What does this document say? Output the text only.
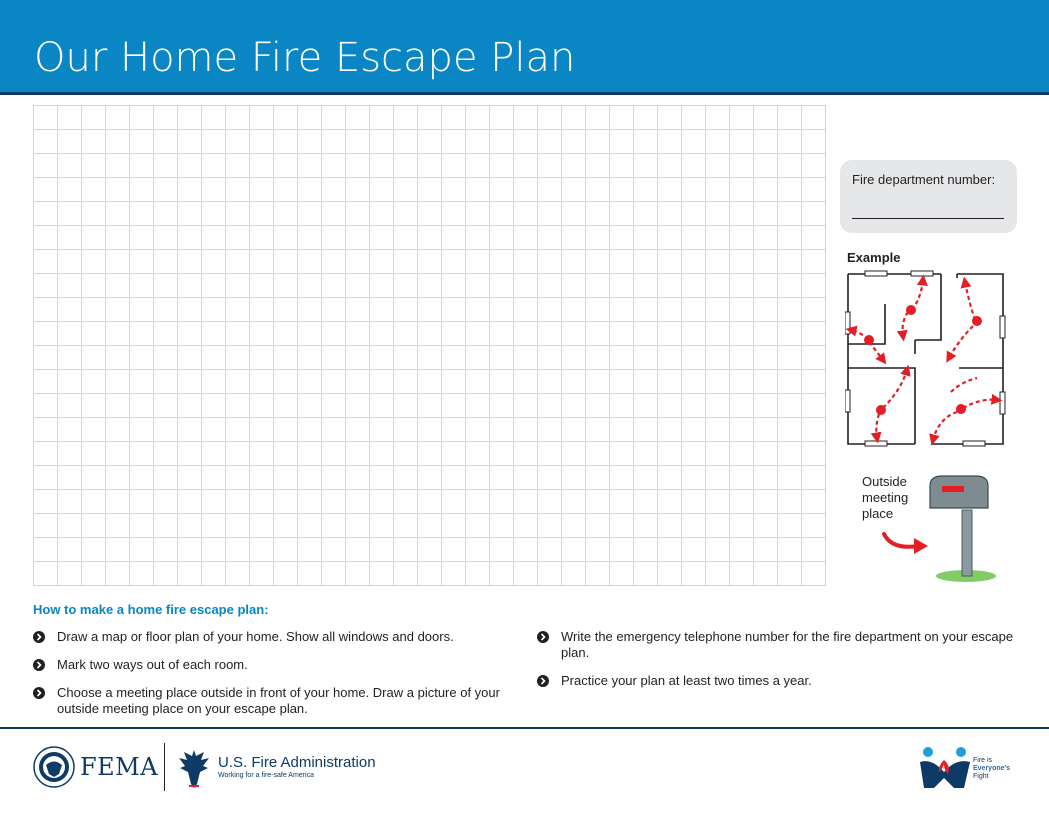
Our Home Fire Escape Plan
Fire department number:
Example
Outside meeting place
How to make a home fire escape plan:
Draw a map or floor plan of your home. Show all windows and doors.
Mark two ways out of each room.
Choose a meeting place outside in front of your home. Draw a picture of your outside meeting place on your escape plan.
Write the emergency telephone number for the fire department on your escape plan.
Practice your plan at least two times a year.
FEMA	U.S. Fire Administration
Working for a fire-safe America
Fire is
Everyone's
Fight
